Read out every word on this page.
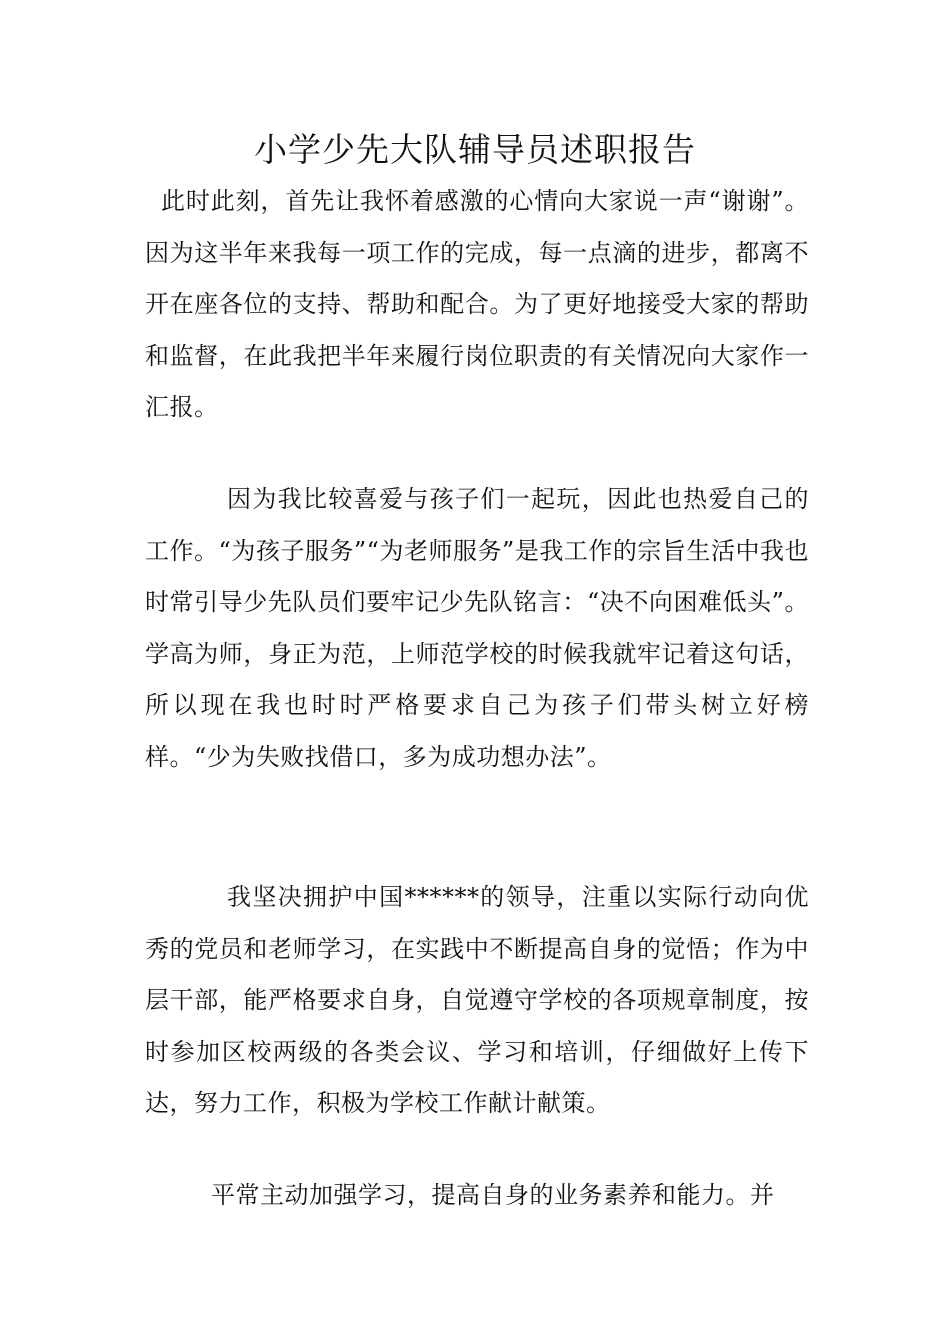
小学少先大队辅导员述职报告

此时此刻，首先让我怀着感激的心情向大家说一声“谢谢”。因为这半年来我每一项工作的完成，每一点滴的进步，都离不开在座各位的支持、帮助和配合。为了更好地接受大家的帮助和监督，在此我把半年来履行岗位职责的有关情况向大家作一汇报。

因为我比较喜爱与孩子们一起玩，因此也热爱自己的工作。“为孩子服务”“为老师服务”是我工作的宗旨生活中我也时常引导少先队员们要牢记少先队铭言：“决不向困难低头”。学高为师，身正为范，上师范学校的时候我就牢记着这句话，所以现在我也时时严格要求自己为孩子们带头树立好榜样。“少为失败找借口，多为成功想办法”。

我坚决拥护中国******的领导，注重以实际行动向优秀的党员和老师学习，在实践中不断提高自身的觉悟；作为中层干部，能严格要求自身，自觉遵守学校的各项规章制度，按时参加区校两级的各类会议、学习和培训，仔细做好上传下达，努力工作，积极为学校工作献计献策。

平常主动加强学习，提高自身的业务素养和能力。并
